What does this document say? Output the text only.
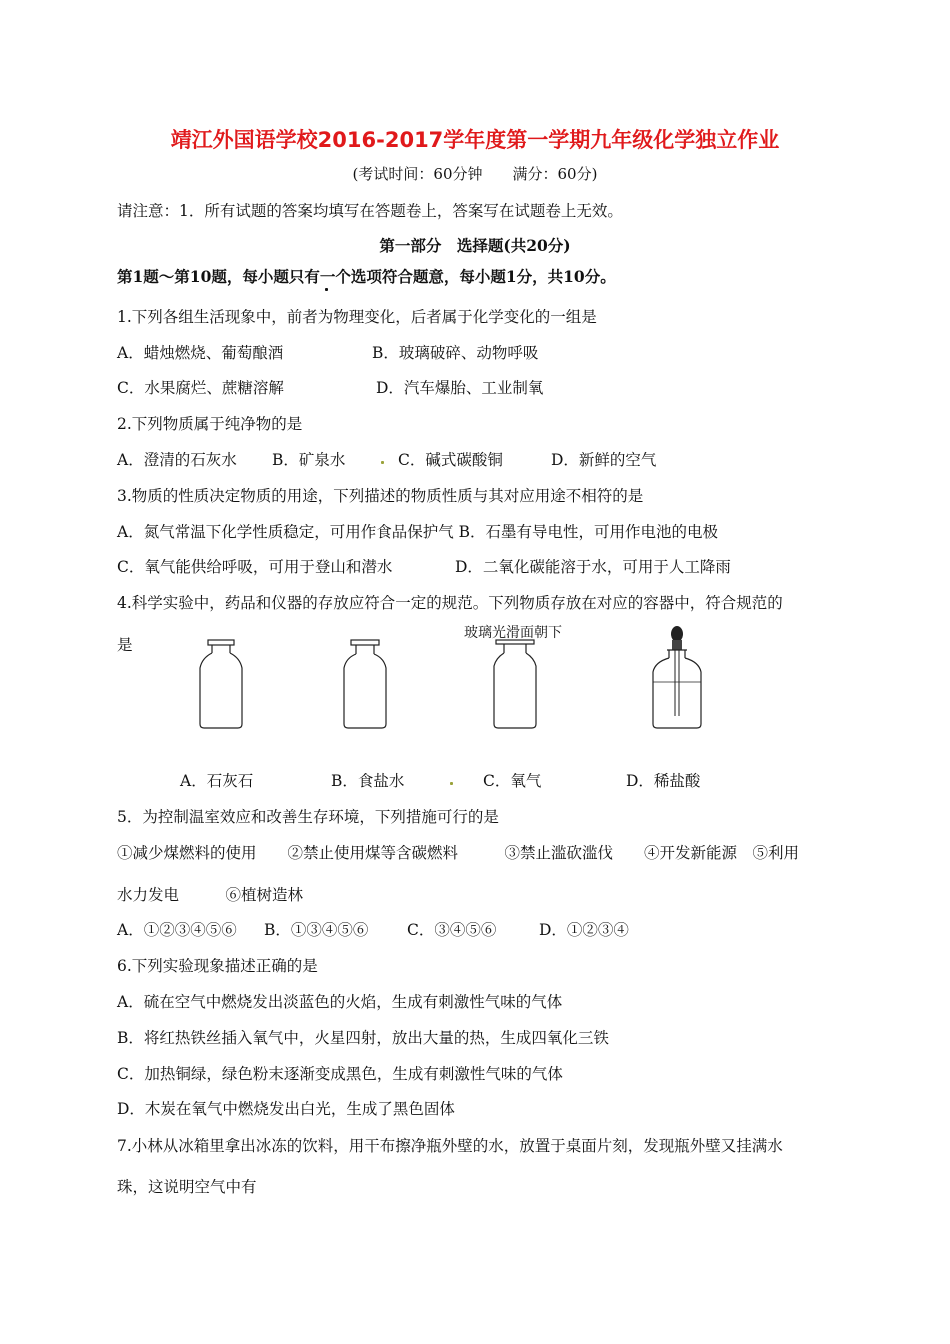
靖江外国语学校2016-2017学年度第一学期九年级化学独立作业
(考试时间：60分钟　　满分：60分)
请注意：1．所有试题的答案均填写在答题卷上，答案写在试题卷上无效。
第一部分　选择题(共20分)
第1题～第10题，每小题只有一个选项符合题意，每小题1分，共10分。
1.下列各组生活现象中，前者为物理变化，后者属于化学变化的一组是
A．蜡烛燃烧、葡萄酿酒	B．玻璃破碎、动物呼吸
C．水果腐烂、蔗糖溶解	D．汽车爆胎、工业制氧
2.下列物质属于纯净物的是
A．澄清的石灰水 B．矿泉水	C．碱式碳酸铜	D．新鲜的空气
3.物质的性质决定物质的用途，下列描述的物质性质与其对应用途不相符的是
A．氮气常温下化学性质稳定，可用作食品保护气 B．石墨有导电性，可用作电池的电极
C．氧气能供给呼吸，可用于登山和潜水	D．二氧化碳能溶于水，可用于人工降雨
4.科学实验中，药品和仪器的存放应符合一定的规范。下列物质存放在对应的容器中，符合规范的
是
玻璃光滑面朝下
A．石灰石	B．食盐水	C．氧气	D．稀盐酸
5．为控制温室效应和改善生存环境，下列措施可行的是
①减少煤燃料的使用　　②禁止使用煤等含碳燃料　　　③禁止滥砍滥伐　　④开发新能源　⑤利用
水力发电　　　⑥植树造林
A．①②③④⑤⑥ B．①③④⑤⑥ C．③④⑤⑥	D．①②③④
6.下列实验现象描述正确的是
A．硫在空气中燃烧发出淡蓝色的火焰，生成有刺激性气味的气体
B．将红热铁丝插入氧气中，火星四射，放出大量的热，生成四氧化三铁
C．加热铜绿，绿色粉末逐渐变成黑色，生成有刺激性气味的气体
D．木炭在氧气中燃烧发出白光，生成了黑色固体
7.小林从冰箱里拿出冰冻的饮料，用干布擦净瓶外壁的水，放置于桌面片刻，发现瓶外壁又挂满水
珠，这说明空气中有
